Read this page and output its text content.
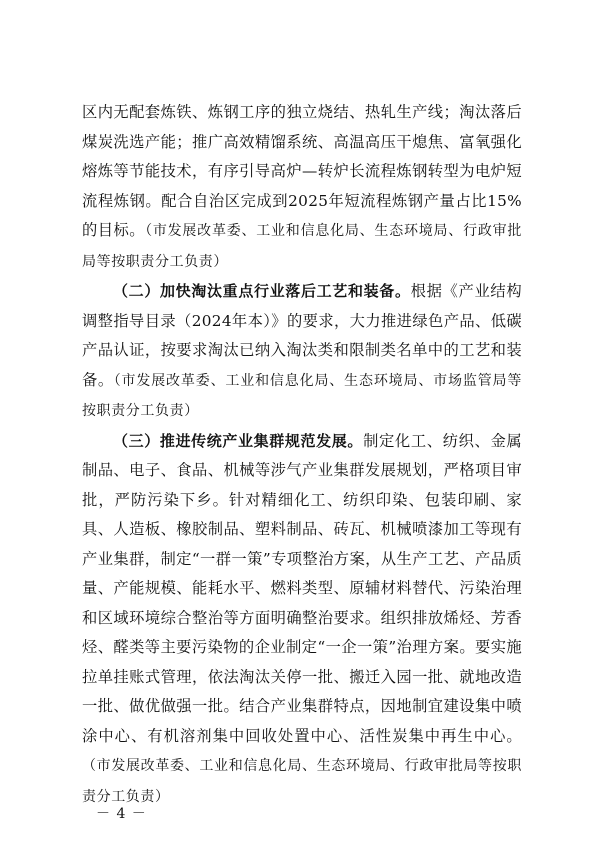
区内无配套炼铁、炼钢工序的独立烧结、热轧生产线；淘汰落后煤炭洗选产能；推广高效精馏系统、高温高压干熄焦、富氧强化熔炼等节能技术，有序引导高炉—转炉长流程炼钢转型为电炉短流程炼钢。配合自治区完成到2025年短流程炼钢产量占比15%的目标。（市发展改革委、工业和信息化局、生态环境局、行政审批局等按职责分工负责）

（二）加快淘汰重点行业落后工艺和装备。根据《产业结构调整指导目录（2024年本）》的要求，大力推进绿色产品、低碳产品认证，按要求淘汰已纳入淘汰类和限制类名单中的工艺和装备。（市发展改革委、工业和信息化局、生态环境局、市场监管局等按职责分工负责）

（三）推进传统产业集群规范发展。制定化工、纺织、金属制品、电子、食品、机械等涉气产业集群发展规划，严格项目审批，严防污染下乡。针对精细化工、纺织印染、包装印刷、家具、人造板、橡胶制品、塑料制品、砖瓦、机械喷漆加工等现有产业集群，制定“一群一策”专项整治方案，从生产工艺、产品质量、产能规模、能耗水平、燃料类型、原辅材料替代、污染治理和区域环境综合整治等方面明确整治要求。组织排放烯烃、芳香烃、醛类等主要污染物的企业制定“一企一策”治理方案。要实施拉单挂账式管理，依法淘汰关停一批、搬迁入园一批、就地改造一批、做优做强一批。结合产业集群特点，因地制宜建设集中喷涂中心、有机溶剂集中回收处置中心、活性炭集中再生中心。（市发展改革委、工业和信息化局、生态环境局、行政审批局等按职责分工负责）

－ 4 －
